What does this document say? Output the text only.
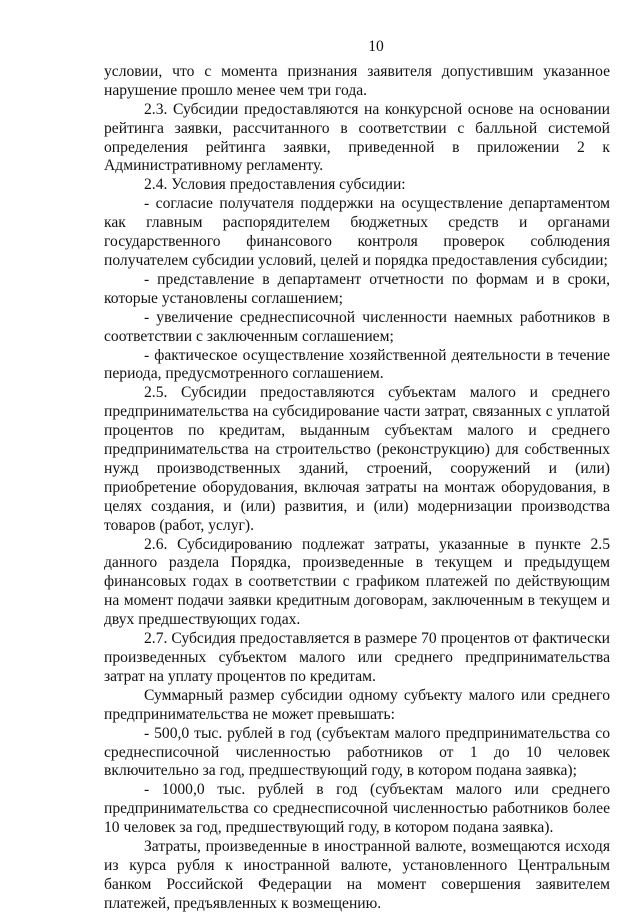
10

условии, что с момента признания заявителя допустившим указанное нарушение прошло менее чем три года.

2.3. Субсидии предоставляются на конкурсной основе на основании рейтинга заявки, рассчитанного в соответствии с балльной системой определения рейтинга заявки, приведенной в приложении 2 к Административному регламенту.

2.4. Условия предоставления субсидии:

- согласие получателя поддержки на осуществление департаментом как главным распорядителем бюджетных средств и органами государственного финансового контроля проверок соблюдения получателем субсидии условий, целей и порядка предоставления субсидии;

- представление в департамент отчетности по формам и в сроки, которые установлены соглашением;

- увеличение среднесписочной численности наемных работников в соответствии с заключенным соглашением;

- фактическое осуществление хозяйственной деятельности в течение периода, предусмотренного соглашением.

2.5. Субсидии предоставляются субъектам малого и среднего предпринимательства на субсидирование части затрат, связанных с уплатой процентов по кредитам, выданным субъектам малого и среднего предпринимательства на строительство (реконструкцию) для собственных нужд производственных зданий, строений, сооружений и (или) приобретение оборудования, включая затраты на монтаж оборудования, в целях создания, и (или) развития, и (или) модернизации производства товаров (работ, услуг).

2.6. Субсидированию подлежат затраты, указанные в пункте 2.5 данного раздела Порядка, произведенные в текущем и предыдущем финансовых годах в соответствии с графиком платежей по действующим на момент подачи заявки кредитным договорам, заключенным в текущем и двух предшествующих годах.

2.7. Субсидия предоставляется в размере 70 процентов от фактически произведенных субъектом малого или среднего предпринимательства затрат на уплату процентов по кредитам.

Суммарный размер субсидии одному субъекту малого или среднего предпринимательства не может превышать:

- 500,0 тыс. рублей в год (субъектам малого предпринимательства со среднесписочной численностью работников от 1 до 10 человек включительно за год, предшествующий году, в котором подана заявка);

- 1000,0 тыс. рублей в год (субъектам малого или среднего предпринимательства со среднесписочной численностью работников более 10 человек за год, предшествующий году, в котором подана заявка).

Затраты, произведенные в иностранной валюте, возмещаются исходя из курса рубля к иностранной валюте, установленного Центральным банком Российской Федерации на момент совершения заявителем платежей, предъявленных к возмещению.
